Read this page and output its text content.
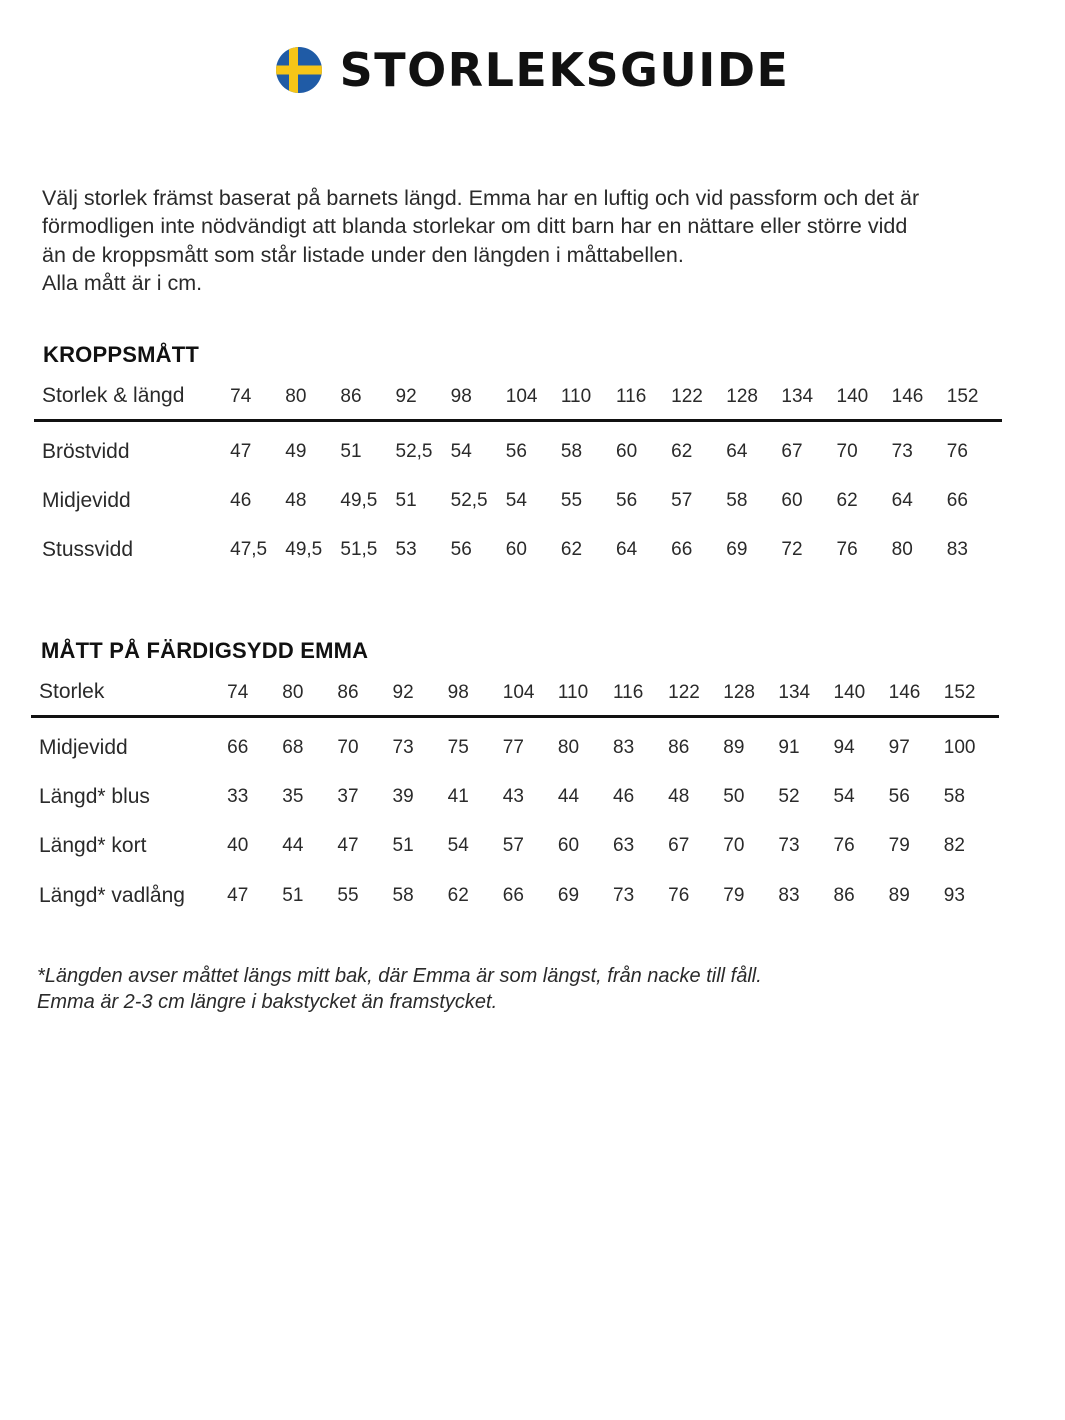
STORLEKSGUIDE

Välj storlek främst baserat på barnets längd. Emma har en luftig och vid passform och det är

förmodligen inte nödvändigt att blanda storlekar om ditt barn har en nättare eller större vidd

än de kroppsmått som står listade under den längden i måttabellen.

Alla mått är i cm.

KROPPSMÅTT
Storlek & längd	74	80	86	92	98	104	110	116	122	128	134	140	146	152
Bröstvidd	47	49	51	52,5	54	56	58	60	62	64	67	70	73	76
Midjevidd	46	48	49,5	51	52,5	54	55	56	57	58	60	62	64	66
Stussvidd	47,5	49,5	51,5	53	56	60	62	64	66	69	72	76	80	83
MÅTT PÅ FÄRDIGSYDD EMMA
Storlek	74	80	86	92	98	104	110	116	122	128	134	140	146	152
Midjevidd	66	68	70	73	75	77	80	83	86	89	91	94	97	100
Längd* blus	33	35	37	39	41	43	44	46	48	50	52	54	56	58
Längd* kort	40	44	47	51	54	57	60	63	67	70	73	76	79	82
Längd* vadlång	47	51	55	58	62	66	69	73	76	79	83	86	89	93

*Längden avser måttet längs mitt bak, där Emma är som längst, från nacke till fåll.

Emma är 2-3 cm längre i bakstycket än framstycket.
